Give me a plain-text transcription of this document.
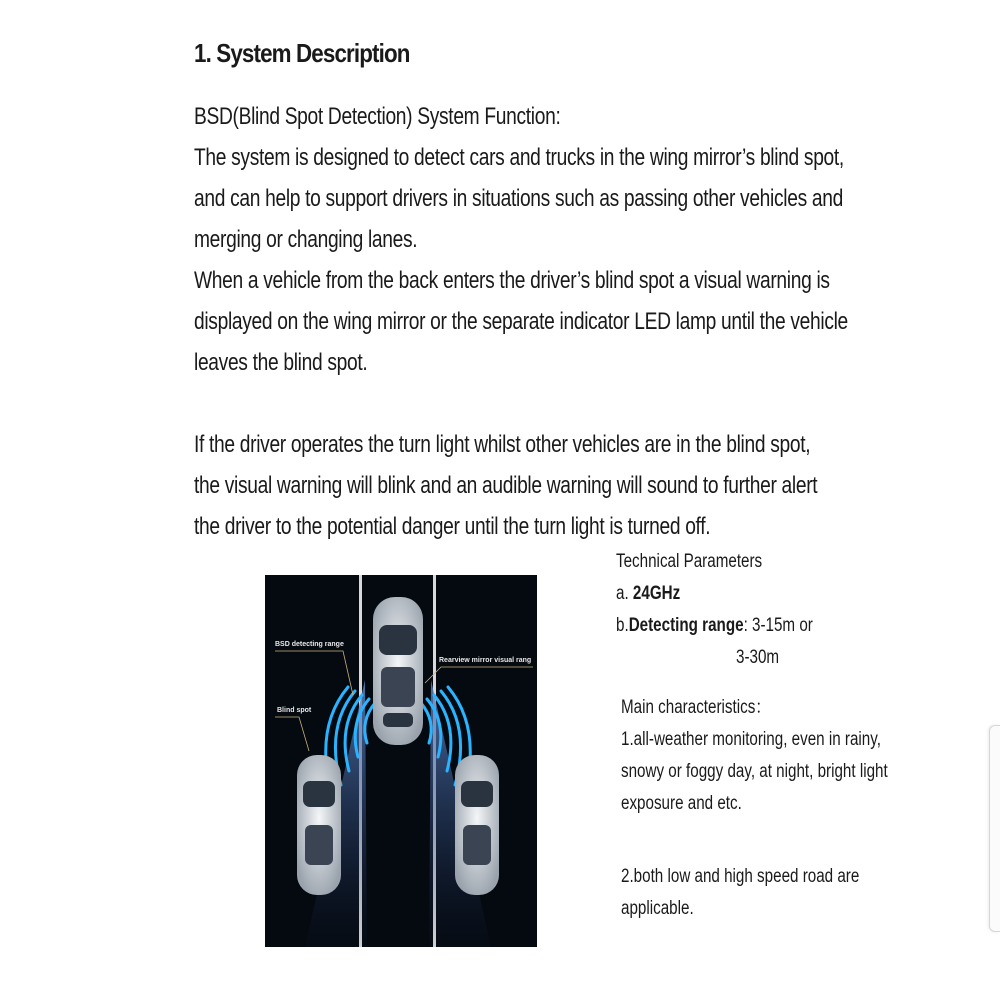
1. System Description
BSD(Blind Spot Detection) System Function:
The system is designed to detect cars and trucks in the wing mirror’s blind spot,
and can help to support drivers in situations such as passing other vehicles and
merging or changing lanes.
When a vehicle from the back enters the driver’s blind spot a visual warning is
displayed on the wing mirror or the separate indicator LED lamp until the vehicle
leaves the blind spot.
If the driver operates the turn light whilst other vehicles are in the blind spot,
the visual warning will blink and an audible warning will sound to further alert
the driver to the potential danger until the turn light is turned off.
BSD detecting range
Rearview mirror visual rang
Blind spot
Technical Parameters
a. 24GHz
b.Detecting range: 3-15m or
3-30m
Main characteristics：
1.all-weather monitoring, even in rainy,
snowy or foggy day, at night, bright light
exposure and etc.
2.both low and high speed road are
applicable.
